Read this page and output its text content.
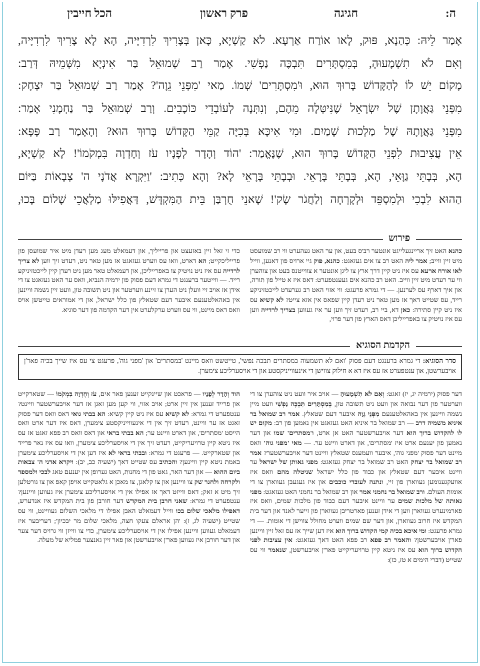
ה:
חגיגה
פרק ראשון
הכל חייבין
אָמַר לֵיהּ: כְּהַנָא, פּוּק, לָאו אוֹרַח אַרְעָא. לֹא קַשְׁיָא, כָּאן בְּצָרִיךְ לִרְדִיָּיה, הָא לָא צָרִיךְ לִרְדִיָּיה,
וְאִם לֹא תִשְׁמָעוּהָ, בְּמִסְתָּרִים תִּבְכֶּה נַפְשִׁי. אָמַר רַב שְׁמוּאֵל בַּר אִינְיָא מִשְּׁמֵיהּ דְּרַב:
מָקוֹם יֵשׁ לוֹ לְהַקָּדוֹשׁ בָּרוּךְ הוּא, וּ'מִסְתָּרִים' שְׁמוֹ. מַאי 'מִפְּנֵי גֵוָה'? אָמַר רַב שְׁמוּאֵל בַּר יִצְחָק:
מִפְּנֵי גַּאֲוָתָן שֶׁל יִשְׂרָאֵל שֶׁנִּיטְּלָה מֵהֶם, וְנִתְּנָה לְעוֹבְדֵי כּוֹכָבִים. וְרַב שְׁמוּאֵל בַּר נַחְמָנִי אָמַר:
מִפְּנֵי גַּאֲוָתָהּ שֶׁל מַלְכוּת שָׁמַיִם. וּמִי אִיכָּא בְּכִיָּה קַמֵּי הַקָּדוֹשׁ בָּרוּךְ הוּא? וְהָאָמַר רַב פָּפָּא:
אֵין עֲצִיבוּת לִפְנֵי הַקָּדוֹשׁ בָּרוּךְ הוּא, שֶׁנֶּאֱמַר: 'הוֹד וְהָדָר לְפָנָיו עֹז וְחֶדְוָה בִּמְקֹמוֹ'! לָא קַשְׁיָא,
הָא, בְּבָתֵּי גַוָּאֵי, הָא, בְּבָתֵּי בָּרָאֵי. וּבְבָתֵּי בָּרָאֵי לָא? וְהָא כְּתִיב: 'וַיִּקְרָא אֲדֹנָי ה' צְבָאוֹת בַּיּוֹם
הַהוּא לִבְכִי וּלְמִסְפֵּד וּלְקָרְחָה וְלַחֲגֹר שָׂק'! שָׁאנֵי חֻרְבַּן בֵּית הַמִּקְדָּשׁ, דַּאֲפִילּוּ מַלְאֲכֵי שָׁלוֹם בָּכוּ,
פירוש
כהנא האט זיך אריינגעלייגט אונטער רב'ס בעט, און ער האט געהערט ווי רב שמועסט מיט זיין ווייב; אמר ליה האט רב צו אים געזאגט: כהנא, פוק גיי ארויס פון דאנען, ווייל לאו אורח ארעא עס איז ניט קיין דרך ארץ צו ליגן אונטער א צווייטנס בעט און צוהערן ווי ער רעדט מיט זיין ווייב. האט רב כהנא אים געענטפערט: דאס איז א טייל פון תורה, און איך דארף עס לערנען. — די גמרא פרעגט: ווי אזוי האט רב גערעדט לייכטזיניקע רייד, עס שטייט דאך אז מען טאר ניט רעדן קיין שפאס אין אזא צייט? לא קשיא עס איז ניט קיין סתירה: כאן דא, ביי רב, רעדט זיך ווען ער איז געווען בצריך לרדייה ווען עס איז נויטיק צו באפרייליכן דאס הארץ פון דער פרוי,
כדי זי זאל זיין באזעצט און פרייליך, און דעמאלט מעג מען רעדן מיט איר שמועסן פון פרייליכקייט; הא דארט, וואו עס ווערט געזאגט אז מען טאר ניט, רעדט זיך ווען לא צריך לרדייה עס איז ניט נויטיק צו באפרייליכן, און דעמאלט טאר מען ניט רעדן קיין לייכטזיניקע רייד. — ווייטער ברענגט די גמרא דעם פסוק פון ירמיה הנביא, וואס ער האט געזאגט צו די אידן אז אויב זיי וועלן ניט הערן צו זיינע ווערטער און ניט תשובה טון, וועט זיין נשמה וויינען אין באהאלטענעם איבער דעם שטאלץ פון כלל ישראל, און די אמוראים טייטשן אויס וואס דאס מיינט, ווי עס ווערט ערקלערט אין דער הקדמה פון דער סוגיא.
הקדמת הסוגיא
סדר הסוגיא: די גמרא ברענגט דעם פסוק 'ואם לא תשמעוה במסתרים תבכה נפשי', טייטשט וואס מיינט 'במסתרים' און 'מפני גוה', פרעגט צי עס איז שייך בכיה פאר'ן אויבערשטן, און ענטפערט אז עס איז דא א חילוק צווישן די אינעווייניקסטע און די אויסערליכע צימערן.
דער פסוק (ירמיה יג, יז) זאגט: וְאִם לֹא תִשְׁמָעוּהָ — אויב איר וועט ניט צוהערן צו די ווערטער פון דער נבואה און וועט ניט תשובה טון, בְּמִסְתָּרִים תִּבְכֶּה נַפְשִׁי וועט מיין נשמה וויינען אין באהאלטענעם מִפְּנֵי גֵוָה איבער דעם שטאלץ. אמר רב שמואל בר איניא משמיה דרב — רב שמואל בר איניא האט געזאגט אין נאמען פון רב: מקום יש לו להקדוש ברוך הוא דער אויבערשטער האט אן ארט, ו'מסתרים' שמו און דער נאמען פון יענעם ארט איז 'מסתרים', און דארט וויינט ער. — מאי 'מפני גוה' וואס מיינט דער פסוק 'מפני גוה', איבער וועמענס שטאלץ וויינט דער אויבערשטער? אמר רב שמואל בר יצחק האט רב שמואל בר יצחק געזאגט: מפני גאותן של ישראל ער וויינט איבער דעם שטאלץ און כבוד פון כלל ישראל שניטלה מהם וואס איז אוועקגענומען געווארן פון זיי, ונתנה לעובדי כוכבים און איז געגעבן געווארן צו די אומות העולם. ורב שמואל בר נחמני אמר און רב שמואל בר נחמני האט געזאגט: מפני גאותה של מלכות שמים ער וויינט איבער דעם כבוד פון מלכות שמים, וואס איז פארמינערט געווארן ווען די אידן זענען פארטריבן געווארן פון זייער לאנד און דער בית המקדש איז חרוב געווארן, און דער שם שמים ווערט מחולל צווישן די אומות. — די גמרא פרעגט: ומי איכא בכיה קמי הקדוש ברוך הוא איז דען שייך אז עס זאל זיין וויינען פאר'ן אויבערשטן? והאמר רב פפא רב פפא האט דאך געזאגט: אין עציבות לפני הקדוש ברוך הוא עס איז ניטא קיין טרויעריקייט פאר'ן אויבערשטן, שנאמר ווי עס שטייט (דברי הימים א טז, כז):
הוד וְהָדָר לְפָנָיו — פראכט און שיינקייט זענען פאר אים, עֹז וְחֶדְוָה בִּמְקֹמוֹ — שטארקייט און פרייד זענען אין זיין ארט; אויב אזוי, ווי קען מען זאגן אז דער אויבערשטער וויינט? ענטפערט די גמרא: לא קשיא עס איז ניט קיין קשיא: הא בבתי גואי דאס וואס דער פסוק זאגט אז ער וויינט, רעדט זיך אין די אינעווייניקסטע צימערן, דאס איז דער ארט וואס הייסט 'מסתרים', און דארט וויינט ער; הא בבתי בראי און דאס וואס רב פפא זאגט אז עס איז ניטא קיין טרויעריקייט, רעדט זיך אין די אויסערליכע צימערן, וואו עס איז נאר פרייד און שטארקייט. — פרעגט די גמרא: ובבתי בראי לא איז דען אין די אויסערליכע צימערן באמת ניטא קיין וויינען? והכתיב עס שטייט דאך (ישעיה כב, יב): ויקרא אדני ה' צבאות ביום ההוא — און דער האר, גאט פון די מחנות, האט גערופן אין יענעם טאג לבכי ולמספד ולקרחה ולחגר שק צו וויינען און צו קלאגן, צו מאכן א גלאטקייט אויפן קאפ און צו גורטלען זיך מיט א זאק; דאס ווייזט דאך אז אפילו אין די אויסערליכע צימערן איז געווען וויינען? ענטפערט די גמרא: שאני חרבן בית המקדש דער חורבן פון בית המקדש איז אנדערש, דאפילו מלאכי שלום בכו ווייל דעמאלט האבן אפילו די מלאכי השלום געוויינט, ווי עס שטייט (ישעיה לג, ז): 'הן אראלם צעקו חצה, מלאכי שלום מר יבכיון'; דעריבער איז דעמאלט געווען וויינען אפילו אין די אויסערליכע צימערן, כדי צו ווייזן ווי גרויס דער צער און דער חורבן איז געווען פאר'ן אויבערשטן און פאר זיין גאנצער פמליא של מעלה.
